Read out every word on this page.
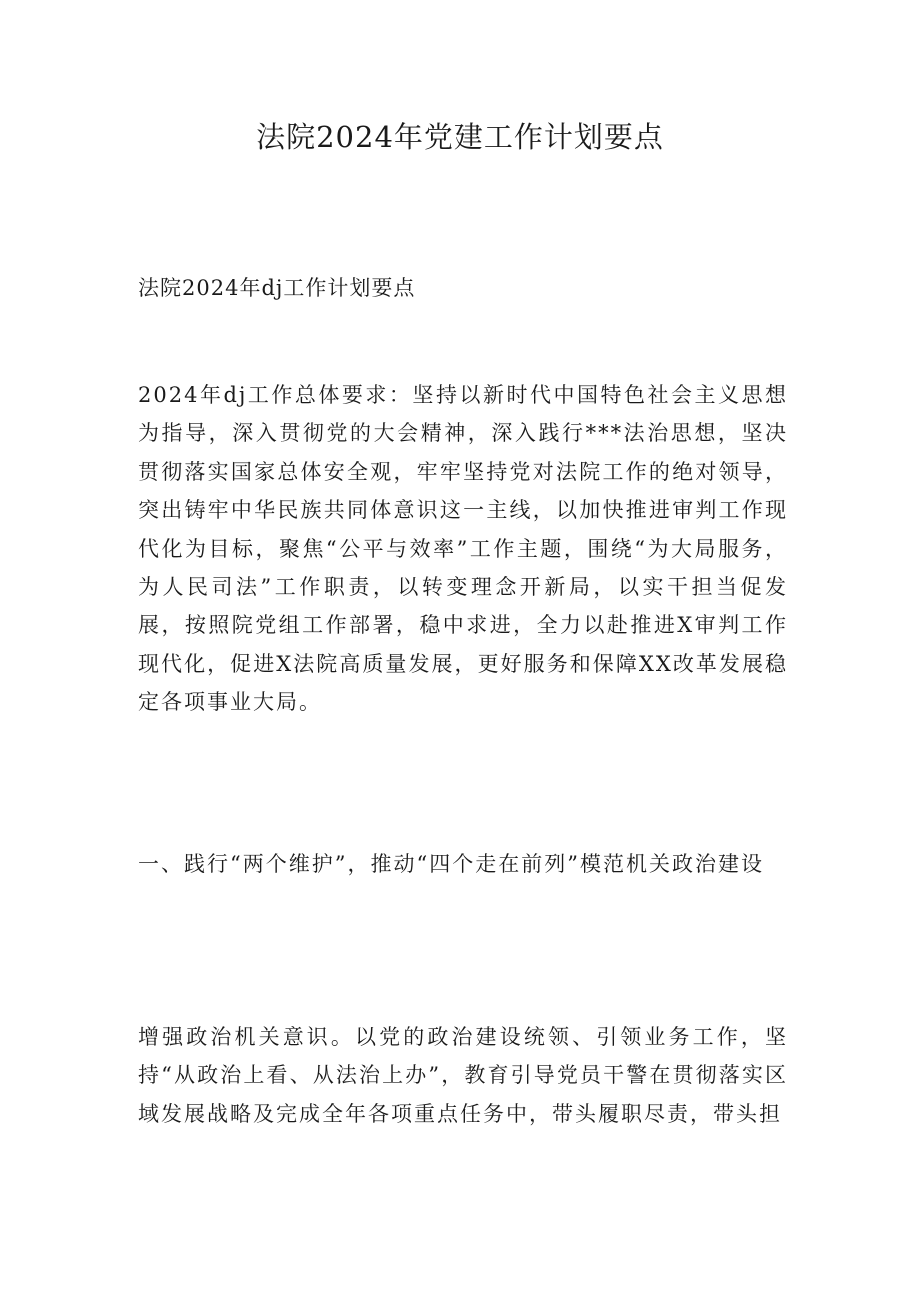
法院2024年党建工作计划要点

法院2024年dj工作计划要点

2024年dj工作总体要求：坚持以新时代中国特色社会主义思想为指导，深入贯彻党的大会精神，深入践行***法治思想，坚决贯彻落实国家总体安全观，牢牢坚持党对法院工作的绝对领导，突出铸牢中华民族共同体意识这一主线，以加快推进审判工作现代化为目标，聚焦“公平与效率”工作主题，围绕“为大局服务，为人民司法”工作职责，以转变理念开新局，以实干担当促发展，按照院党组工作部署，稳中求进，全力以赴推进X审判工作现代化，促进X法院高质量发展，更好服务和保障XX改革发展稳定各项事业大局。

一、践行“两个维护”，推动“四个走在前列”模范机关政治建设

增强政治机关意识。以党的政治建设统领、引领业务工作，坚持“从政治上看、从法治上办”，教育引导党员干警在贯彻落实区域发展战略及完成全年各项重点任务中，带头履职尽责，带头担
